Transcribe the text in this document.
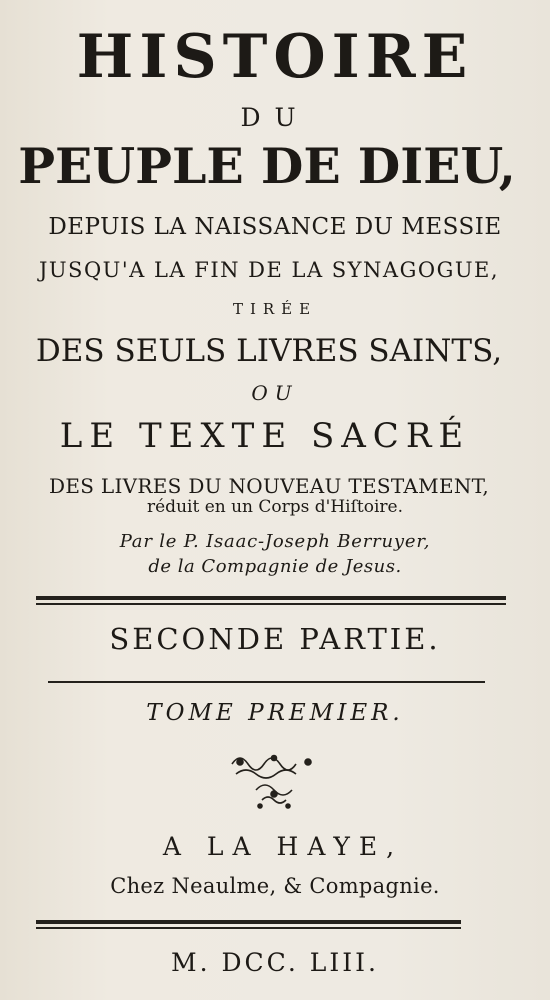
HISTOIRE

DU

PEUPLE DE DIEU,

DEPUIS LA NAISSANCE DU MESSIE

JUSQU'A LA FIN DE LA SYNAGOGUE,

TIRÉE

DES SEULS LIVRES SAINTS,

OU

LE TEXTE SACRÉ

DES LIVRES DU NOUVEAU TESTAMENT,

réduit en un Corps d'Hiſtoire.

Par le P. Isaac-Joseph Berruyer,

de la Compagnie de Jesus.

SECONDE PARTIE.

TOME PREMIER.

A LA HAYE,

Chez Neaulme, & Compagnie.

M. DCC. LIII.
